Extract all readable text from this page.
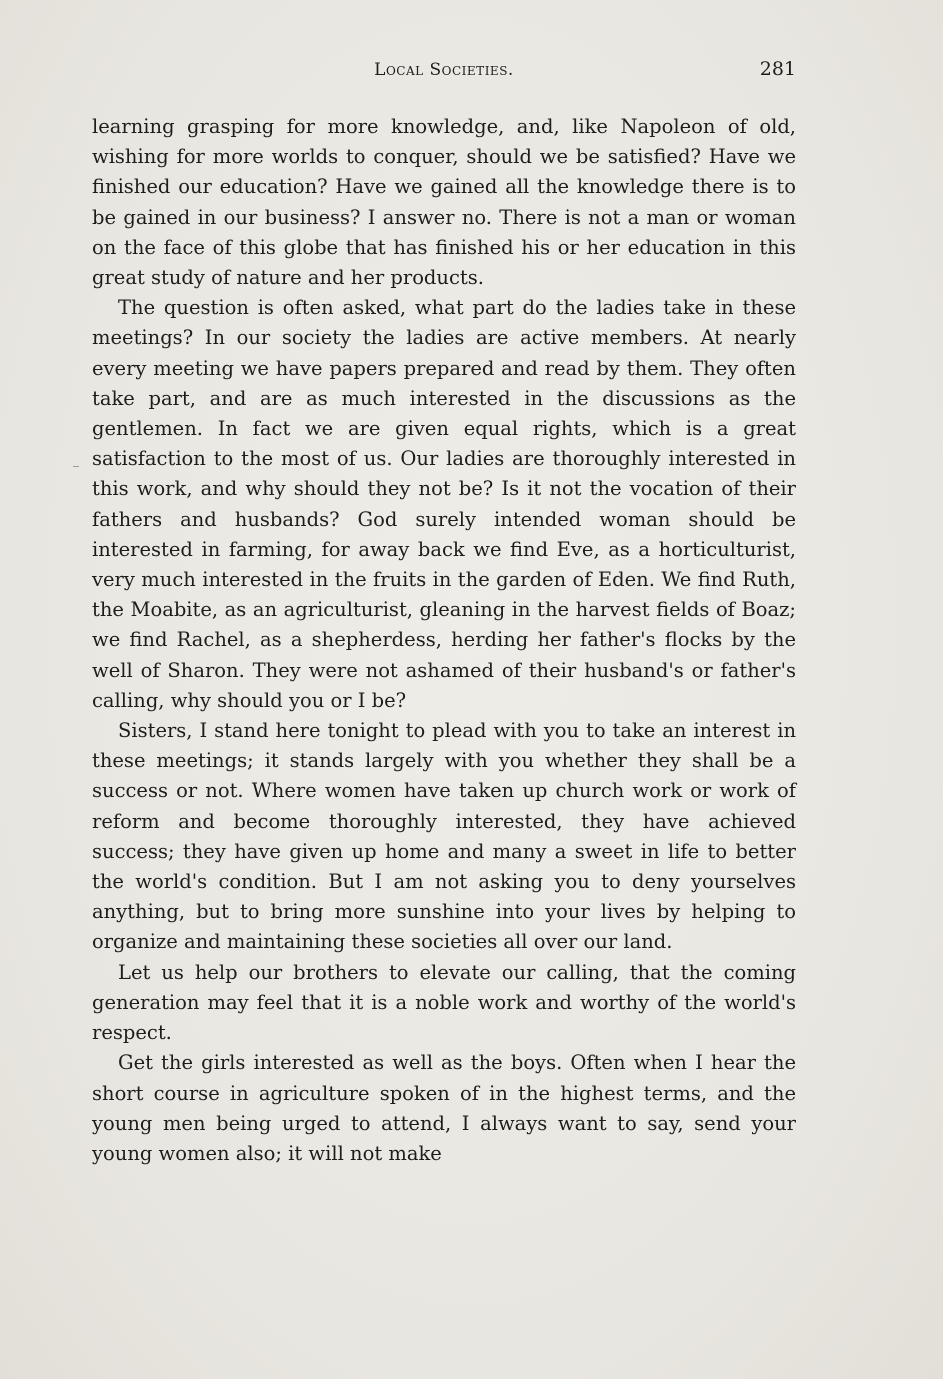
Local Societies.	281

learning grasping for more knowledge, and, like Napoleon of old, wishing for more worlds to conquer, should we be satisfied? Have we finished our education? Have we gained all the knowledge there is to be gained in our business? I answer no. There is not a man or woman on the face of this globe that has finished his or her education in this great study of nature and her products.

The question is often asked, what part do the ladies take in these meetings? In our society the ladies are active members. At nearly every meeting we have papers prepared and read by them. They often take part, and are as much interested in the discussions as the gentlemen. In fact we are given equal rights, which is a great satisfaction to the most of us. Our ladies are thoroughly interested in this work, and why should they not be? Is it not the vocation of their fathers and husbands? God surely intended woman should be interested in farming, for away back we find Eve, as a horticulturist, very much interested in the fruits in the garden of Eden. We find Ruth, the Moabite, as an agriculturist, gleaning in the harvest fields of Boaz; we find Rachel, as a shepherdess, herding her father's flocks by the well of Sharon. They were not ashamed of their husband's or father's calling, why should you or I be?

Sisters, I stand here tonight to plead with you to take an interest in these meetings; it stands largely with you whether they shall be a success or not. Where women have taken up church work or work of reform and become thoroughly interested, they have achieved success; they have given up home and many a sweet in life to better the world's condition. But I am not asking you to deny yourselves anything, but to bring more sunshine into your lives by helping to organize and maintaining these societies all over our land.

Let us help our brothers to elevate our calling, that the coming generation may feel that it is a noble work and worthy of the world's respect.

Get the girls interested as well as the boys. Often when I hear the short course in agriculture spoken of in the highest terms, and the young men being urged to attend, I always want to say, send your young women also; it will not make
